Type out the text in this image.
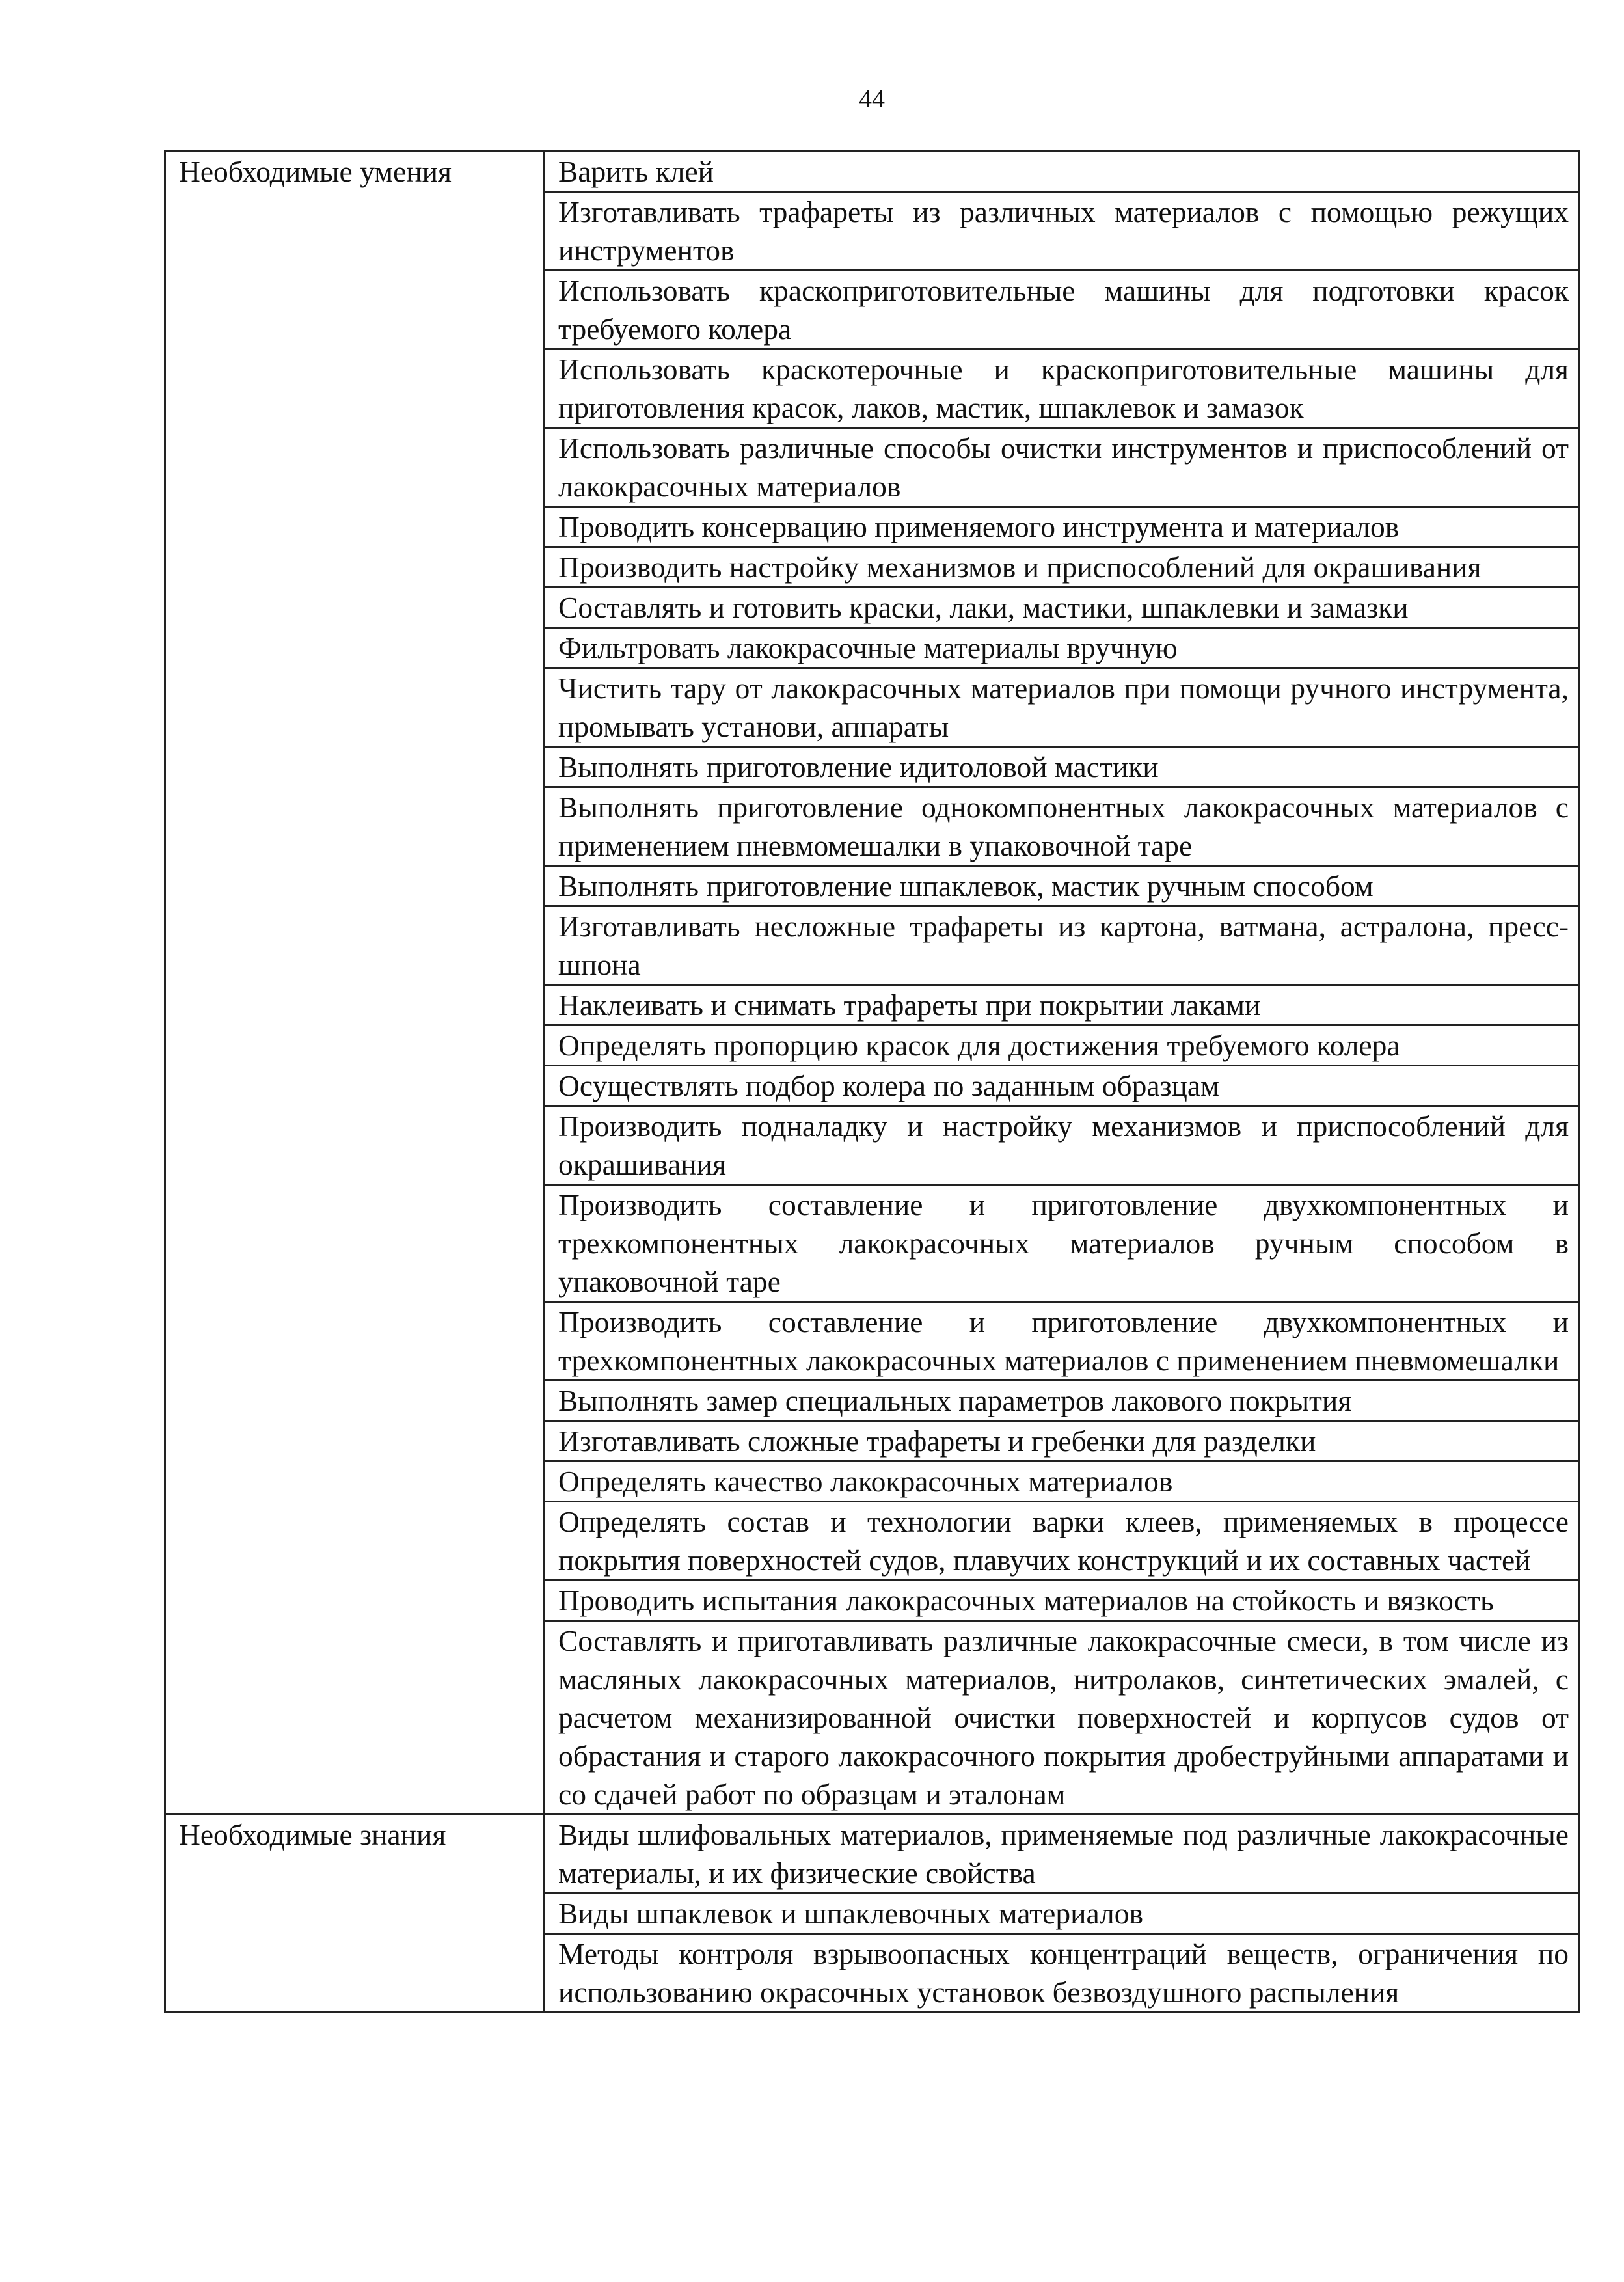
44
Необходимые умения	Варить клей
	Изготавливать трафареты из различных материалов с помощью режущих инструментов
	Использовать краскоприготовительные машины для подготовки красок требуемого колера
	Использовать краскотерочные и краскоприготовительные машины для приготовления красок, лаков, мастик, шпаклевок и замазок
	Использовать различные способы очистки инструментов и приспособлений от лакокрасочных материалов
	Проводить консервацию применяемого инструмента и материалов
	Производить настройку механизмов и приспособлений для окрашивания
	Составлять и готовить краски, лаки, мастики, шпаклевки и замазки
	Фильтровать лакокрасочные материалы вручную
	Чистить тару от лакокрасочных материалов при помощи ручного инструмента, промывать установи, аппараты
	Выполнять приготовление идитоловой мастики
	Выполнять приготовление однокомпонентных лакокрасочных материалов с применением пневмомешалки в упаковочной таре
	Выполнять приготовление шпаклевок, мастик ручным способом
	Изготавливать несложные трафареты из картона, ватмана, астралона, пресс-шпона
	Наклеивать и снимать трафареты при покрытии лаками
	Определять пропорцию красок для достижения требуемого колера
	Осуществлять подбор колера по заданным образцам
	Производить подналадку и настройку механизмов и приспособлений для окрашивания
	Производить составление и приготовление двухкомпонентных и трехкомпонентных лакокрасочных материалов ручным способом в упаковочной таре
	Производить составление и приготовление двухкомпонентных и трехкомпонентных лакокрасочных материалов с применением пневмомешалки
	Выполнять замер специальных параметров лакового покрытия
	Изготавливать сложные трафареты и гребенки для разделки
	Определять качество лакокрасочных материалов
	Определять состав и технологии варки клеев, применяемых в процессе покрытия поверхностей судов, плавучих конструкций и их составных частей
	Проводить испытания лакокрасочных материалов на стойкость и вязкость
	Составлять и приготавливать различные лакокрасочные смеси, в том числе из масляных лакокрасочных материалов, нитролаков, синтетических эмалей, с расчетом механизированной очистки поверхностей и корпусов судов от обрастания и старого лакокрасочного покрытия дробеструйными аппаратами и со сдачей работ по образцам и эталонам
Необходимые знания	Виды шлифовальных материалов, применяемые под различные лакокрасочные материалы, и их физические свойства
	Виды шпаклевок и шпаклевочных материалов
	Методы контроля взрывоопасных концентраций веществ, ограничения по использованию окрасочных установок безвоздушного распыления
